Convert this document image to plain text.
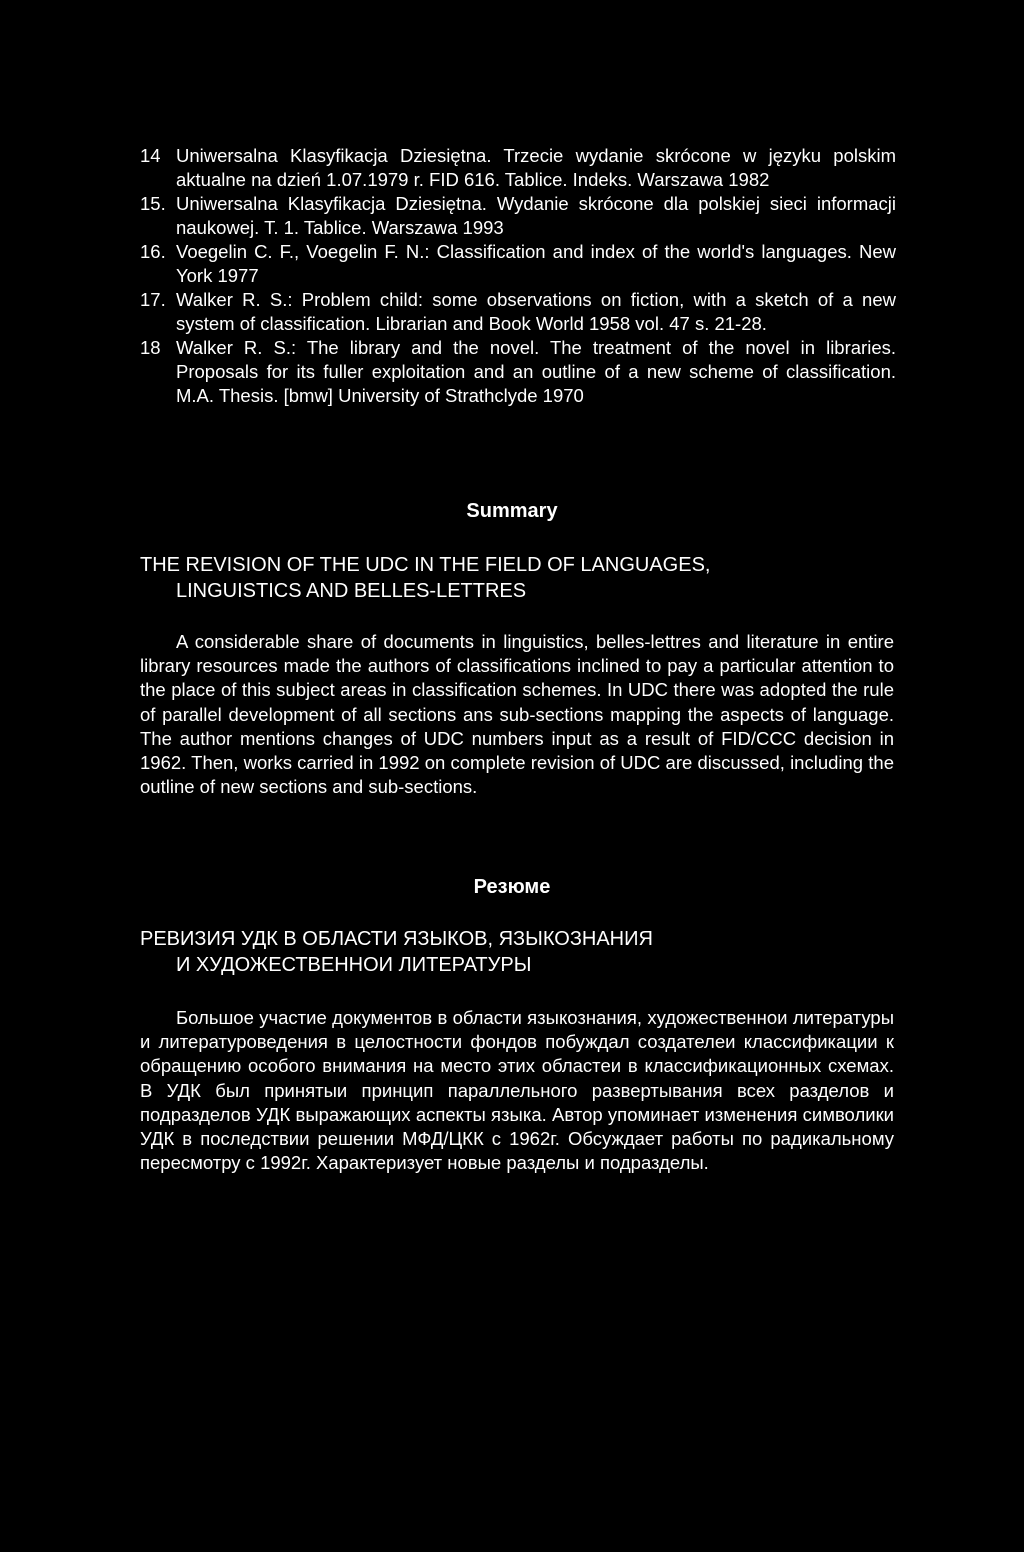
14 Uniwersalna Klasyfikacja Dziesiętna. Trzecie wydanie skrócone w języku polskim aktualne na dzień 1.07.1979 r. FID 616. Tablice. Indeks. Warszawa 1982
15. Uniwersalna Klasyfikacja Dziesiętna. Wydanie skrócone dla polskiej sieci informacji naukowej. T. 1. Tablice. Warszawa 1993
16. Voegelin C. F., Voegelin F. N.: Classification and index of the world's languages. New York 1977
17. Walker R. S.: Problem child: some observations on fiction, with a sketch of a new system of classification. Librarian and Book World 1958 vol. 47 s. 21-28.
18 Walker R. S.: The library and the novel. The treatment of the novel in libraries. Proposals for its fuller exploitation and an outline of a new scheme of classification. M.A. Thesis. [bmw] University of Strathclyde 1970
Summary
THE REVISION OF THE UDC IN THE FIELD OF LANGUAGES,
LINGUISTICS AND BELLES-LETTRES
A considerable share of documents in linguistics, belles-lettres and literature in entire library resources made the authors of classifications inclined to pay a particular attention to the place of this subject areas in classification schemes. In UDC there was adopted the rule of parallel development of all sections ans sub-sections mapping the aspects of language. The author mentions changes of UDC numbers input as a result of FID/CCC decision in 1962. Then, works carried in 1992 on complete revision of UDC are discussed, including the outline of new sections and sub-sections.
Резюме
РЕВИЗИЯ УДК В ОБЛАСТИ ЯЗЫКОВ, ЯЗЫКОЗНАНИЯ
И ХУДОЖЕСТВЕННОИ ЛИТЕРАТУРЫ
Большое участие документов в области языкознания, художественнои литературы и литературоведения в целостности фондов побуждал создателеи классификации к обращению особого внимания на место этих областеи в классификационных схемах. В УДК был принятыи принцип параллельного развертывания всех разделов и подразделов УДК выражающих аспекты языка. Автор упоминает изменения символики УДК в последствии решении МФД/ЦКК с 1962г. Обсуждает работы по радикальному пересмотру с 1992г. Характеризует новые разделы и подразделы.
